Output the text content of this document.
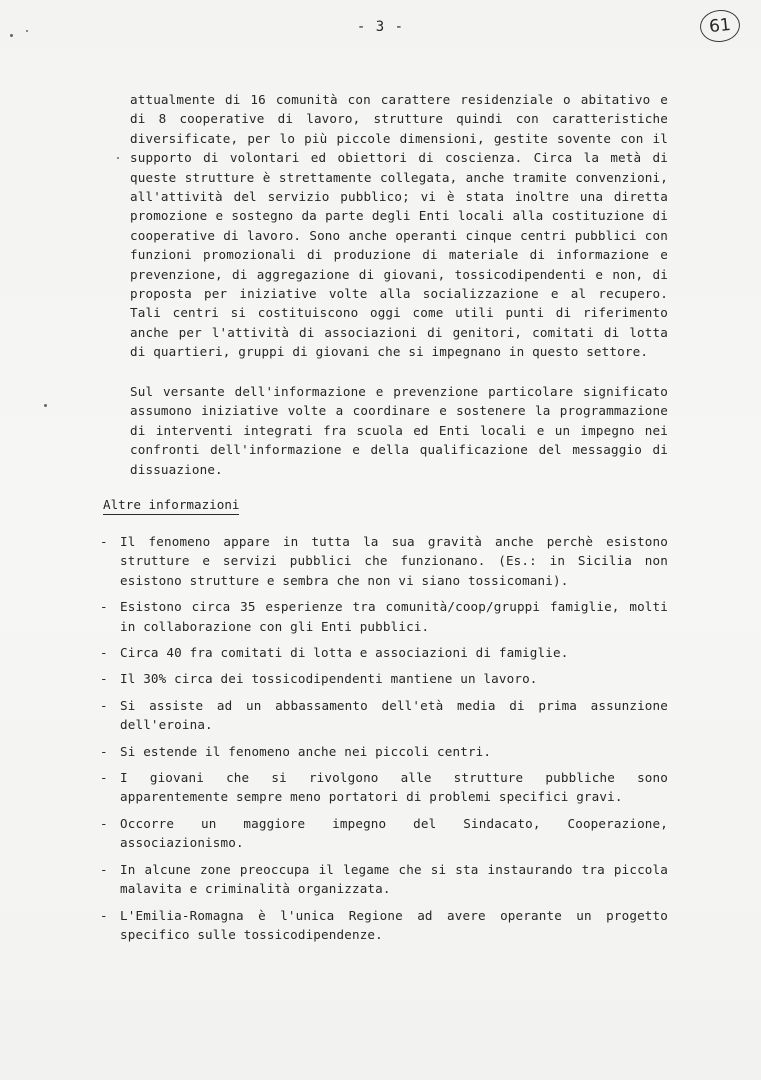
- 3 -	61
attualmente di 16 comunità con carattere residenziale o abitativo e di 8 cooperative di lavoro, strutture quindi con caratteristiche diversificate, per lo più piccole dimensioni, gestite sovente con il supporto di volontari ed obiettori di coscienza. Circa la metà di queste strutture è strettamente collegata, anche tramite convenzioni, all'attività del servizio pubblico; vi è stata inoltre una diretta promozione e sostegno da parte degli Enti locali alla costituzione di cooperative di lavoro. Sono anche operanti cinque centri pubblici con funzioni promozionali di produzione di materiale di informazione e prevenzione, di aggregazione di giovani, tossicodipendenti e non, di proposta per iniziative volte alla socializzazione e al recupero. Tali centri si costituiscono oggi come utili punti di riferimento anche per l'attività di associazioni di genitori, comitati di lotta di quartieri, gruppi di giovani che si impegnano in questo settore.
Sul versante dell'informazione e prevenzione particolare significato assumono iniziative volte a coordinare e sostenere la programmazione di interventi integrati fra scuola ed Enti locali e un impegno nei confronti dell'informazione e della qualificazione del messaggio di dissuazione.
Altre informazioni
- Il fenomeno appare in tutta la sua gravità anche perchè esistono strutture e servizi pubblici che funzionano. (Es.: in Sicilia non esistono strutture e sembra che non vi siano tossicomani).
- Esistono circa 35 esperienze tra comunità/coop/gruppi famiglie, molti in collaborazione con gli Enti pubblici.
- Circa 40 fra comitati di lotta e associazioni di famiglie.
- Il 30% circa dei tossicodipendenti mantiene un lavoro.
- Si assiste ad un abbassamento dell'età media di prima assunzione dell'eroina.
- Si estende il fenomeno anche nei piccoli centri.
- I giovani che si rivolgono alle strutture pubbliche sono apparentemente sempre meno portatori di problemi specifici gravi.
- Occorre un maggiore impegno del Sindacato, Cooperazione, associazionismo.
- In alcune zone preoccupa il legame che si sta instaurando tra piccola malavita e criminalità organizzata.
- L'Emilia-Romagna è l'unica Regione ad avere operante un progetto specifico sulle tossicodipendenze.
